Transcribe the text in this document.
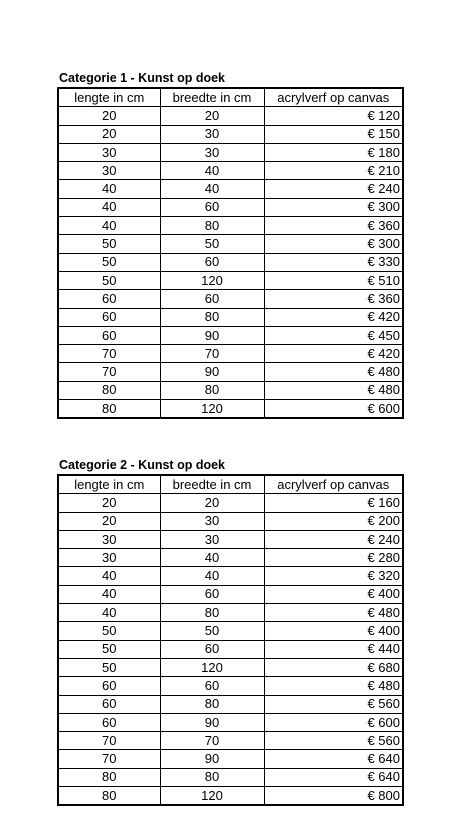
Categorie 1 - Kunst op doek
lengte in cm	breedte in cm	acrylverf op canvas
20	20	€ 120
20	30	€ 150
30	30	€ 180
30	40	€ 210
40	40	€ 240
40	60	€ 300
40	80	€ 360
50	50	€ 300
50	60	€ 330
50	120	€ 510
60	60	€ 360
60	80	€ 420
60	90	€ 450
70	70	€ 420
70	90	€ 480
80	80	€ 480
80	120	€ 600
Categorie 2 - Kunst op doek
lengte in cm	breedte in cm	acrylverf op canvas
20	20	€ 160
20	30	€ 200
30	30	€ 240
30	40	€ 280
40	40	€ 320
40	60	€ 400
40	80	€ 480
50	50	€ 400
50	60	€ 440
50	120	€ 680
60	60	€ 480
60	80	€ 560
60	90	€ 600
70	70	€ 560
70	90	€ 640
80	80	€ 640
80	120	€ 800
